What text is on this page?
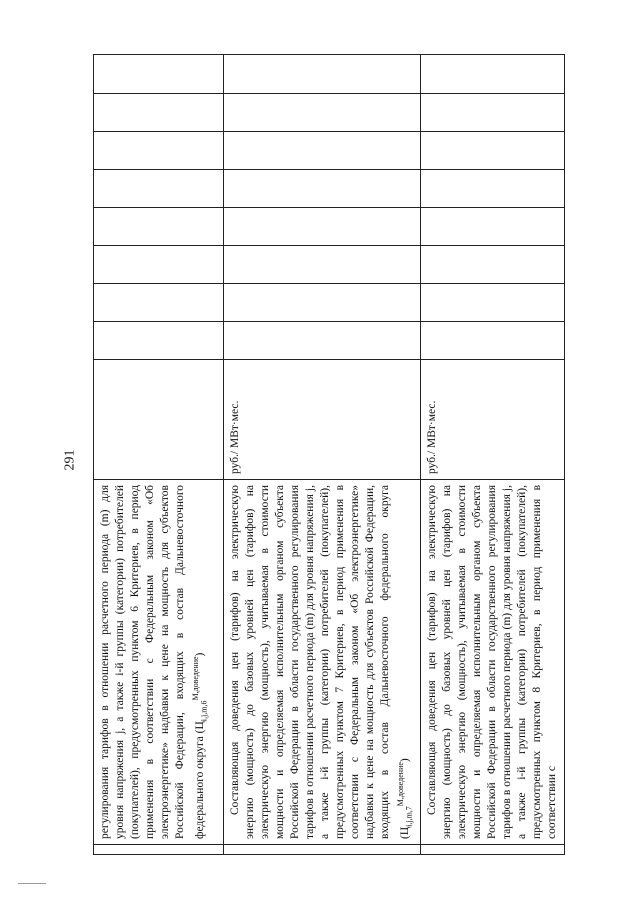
291
	регулирования тарифов в отношении расчетного периода (m) для уровня напряжения j, а также i-й группы (категории) потребителей (покупателей), предусмотренных пунктом 6 Критериев, в период применения в соответствии с Федеральным законом «Об электроэнергетике» надбавки к цене на мощность для субъектов Российской Федерации, входящих в состав Дальневосточного федерального округа $(Ц_{i,j,m,6}^{М,доведение})$									
	Составляющая доведения цен (тарифов) на электрическую энергию (мощность) до базовых уровней цен (тарифов) на электрическую энергию (мощность), учитываемая в стоимости мощности и определяемая исполнительным органом субъекта Российской Федерации в области государственного регулирования тарифов в отношении расчетного периода (m) для уровня напряжения j, а также i-й группы (категории) потребителей (покупателей), предусмотренных пунктом 7 Критериев, в период применения в соответствии с Федеральным законом «Об электроэнергетике» надбавки к цене на мощность для субъектов Российской Федерации, входящих в состав Дальневосточного федерального округа $(Ц_{i,j,m,7}^{М,доведение})$	руб./ МВт·мес.								
	Составляющая доведения цен (тарифов) на электрическую энергию (мощность) до базовых уровней цен (тарифов) на электрическую энергию (мощность), учитываемая в стоимости мощности и определяемая исполнительным органом субъекта Российской Федерации в области государственного регулирования тарифов в отношении расчетного периода (m) для уровня напряжения j, а также i-й группы (категории) потребителей (покупателей), предусмотренных пунктом 8 Критериев, в период применения в соответствии с	руб./ МВт·мес.								
